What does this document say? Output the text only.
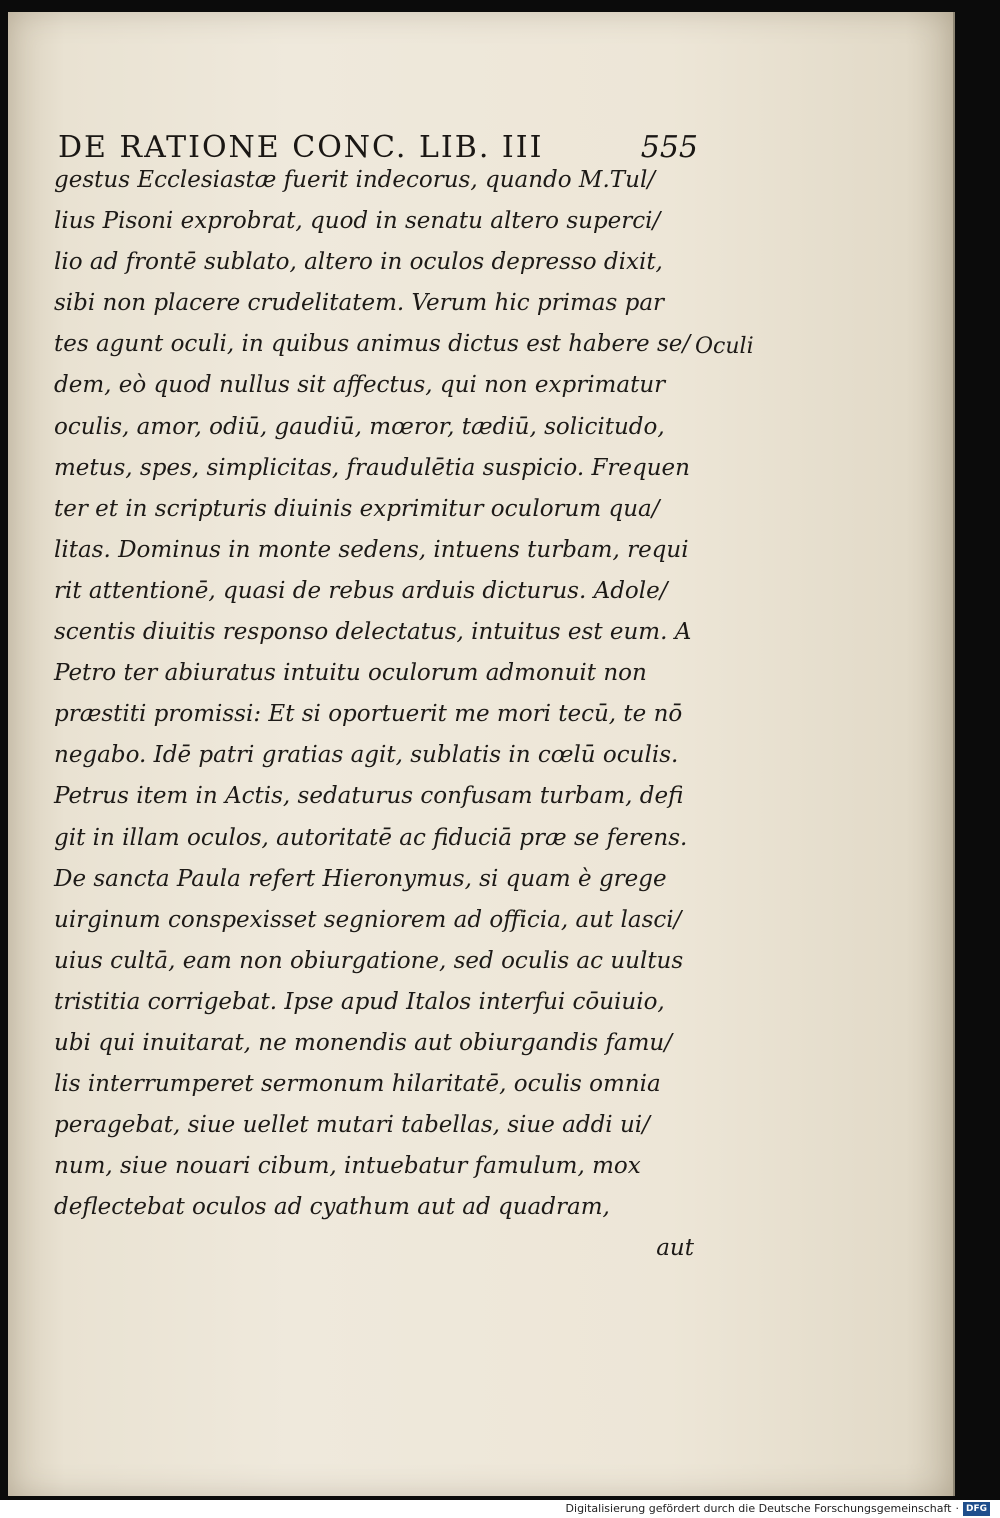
DE RATIONE CONC. LIB. III	555
gestus Ecclesiastæ fuerit indecorus, quando M.Tul/
lius Pisoni exprobrat, quod in senatu altero superci/
lio ad frontē sublato, altero in oculos depresso dixit,
sibi non placere crudelitatem. Verum hic primas par
tes agunt oculi, in quibus animus dictus est habere se/
dem, eò quod nullus sit affectus, qui non exprimatur
oculis, amor, odiū, gaudiū, mœror, tædiū, solicitudo,
metus, spes, simplicitas, fraudulētia suspicio. Frequen
ter et in scripturis diuinis exprimitur oculorum qua/
litas. Dominus in monte sedens, intuens turbam, requi
rit attentionē, quasi de rebus arduis dicturus. Adole/
scentis diuitis responso delectatus, intuitus est eum. A
Petro ter abiuratus intuitu oculorum admonuit non
præstiti promissi: Et si oportuerit me mori tecū, te nō
negabo. Idē patri gratias agit, sublatis in cœlū oculis.
Petrus item in Actis, sedaturus confusam turbam, defi
git in illam oculos, autoritatē ac fiduciā præ se ferens.
De sancta Paula refert Hieronymus, si quam è grege
uirginum conspexisset segniorem ad officia, aut lasci/
uius cultā, eam non obiurgatione, sed oculis ac uultus
tristitia corrigebat. Ipse apud Italos interfui cōuiuio,
ubi qui inuitarat, ne monendis aut obiurgandis famu/
lis interrumperet sermonum hilaritatē, oculis omnia
peragebat, siue uellet mutari tabellas, siue addi ui/
num, siue nouari cibum, intuebatur famulum, mox
deflectebat oculos ad cyathum aut ad quadram,
aut
Oculi
Digitalisierung gefördert durch die Deutsche Forschungsgemeinschaft · DFG
